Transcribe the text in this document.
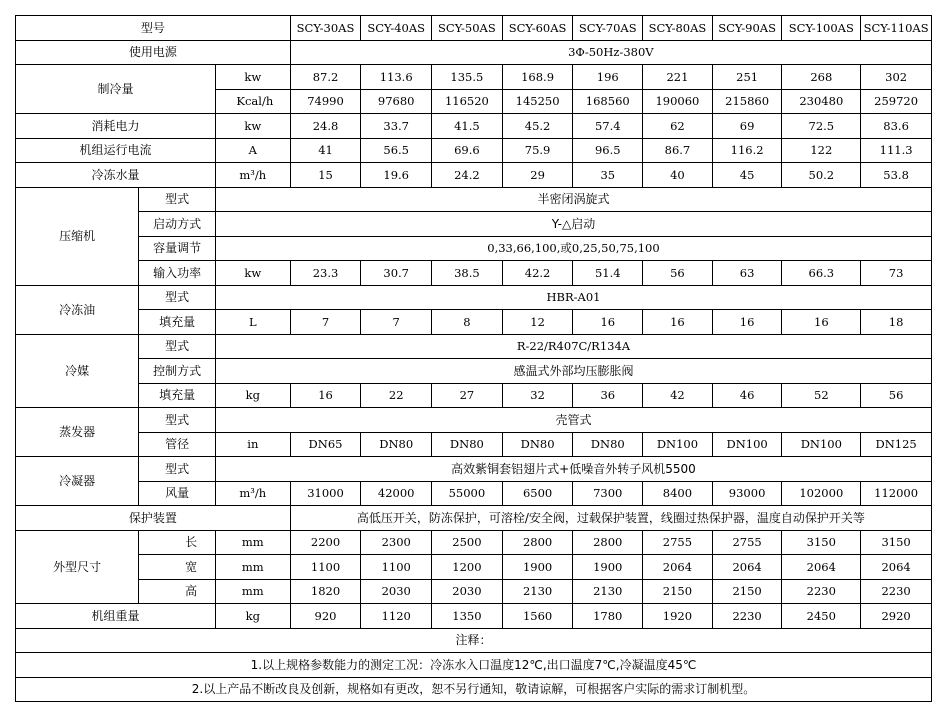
型号			SCY-30AS	SCY-40AS	SCY-50AS	SCY-60AS	SCY-70AS	SCY-80AS	SCY-90AS	SCY-100AS	SCY-110AS
使用电源			3Φ-50Hz-380V								
制冷量		kw	87.2	113.6	135.5	168.9	196	221	251	268	302
		Kcal/h	74990	97680	116520	145250	168560	190060	215860	230480	259720
消耗电力		kw	24.8	33.7	41.5	45.2	57.4	62	69	72.5	83.6
机组运行电流		A	41	56.5	69.6	75.9	96.5	86.7	116.2	122	111.3
冷冻水量		m³/h	15	19.6	24.2	29	35	40	45	50.2	53.8
压缩机	型式	半密闭涡旋式									
	启动方式	Y-△启动									
	容量调节	0,33,66,100,或0,25,50,75,100									
	输入功率	kw	23.3	30.7	38.5	42.2	51.4	56	63	66.3	73
冷冻油	型式	HBR-A01									
	填充量	L	7	7	8	12	16	16	16	16	18
冷媒	型式	R-22/R407C/R134A									
	控制方式	感温式外部均压膨胀阀									
	填充量	kg	16	22	27	32	36	42	46	52	56
蒸发器	型式	壳管式									
	管径	in	DN65	DN80	DN80	DN80	DN80	DN100	DN100	DN100	DN125
冷凝器	型式	高效紫铜套铝翅片式+低噪音外转子风机5500									
	风量	m³/h	31000	42000	55000	6500	7300	8400	93000	102000	112000
保护装置			高低压开关，防冻保护，可溶栓/安全阀，过载保护装置，线圈过热保护器，温度自动保护开关等								
外型尺寸	长	mm	2200	2300	2500	2800	2800	2755	2755	3150	3150
	宽	mm	1100	1100	1200	1900	1900	2064	2064	2064	2064
	高	mm	1820	2030	2030	2130	2130	2150	2150	2230	2230
机组重量		kg	920	1120	1350	1560	1780	1920	2230	2450	2920
注释：											
1.以上规格参数能力的测定工况：冷冻水入口温度12℃,出口温度7℃,冷凝温度45℃											
2.以上产品不断改良及创新，规格如有更改，恕不另行通知，敬请谅解，可根据客户实际的需求订制机型。											
